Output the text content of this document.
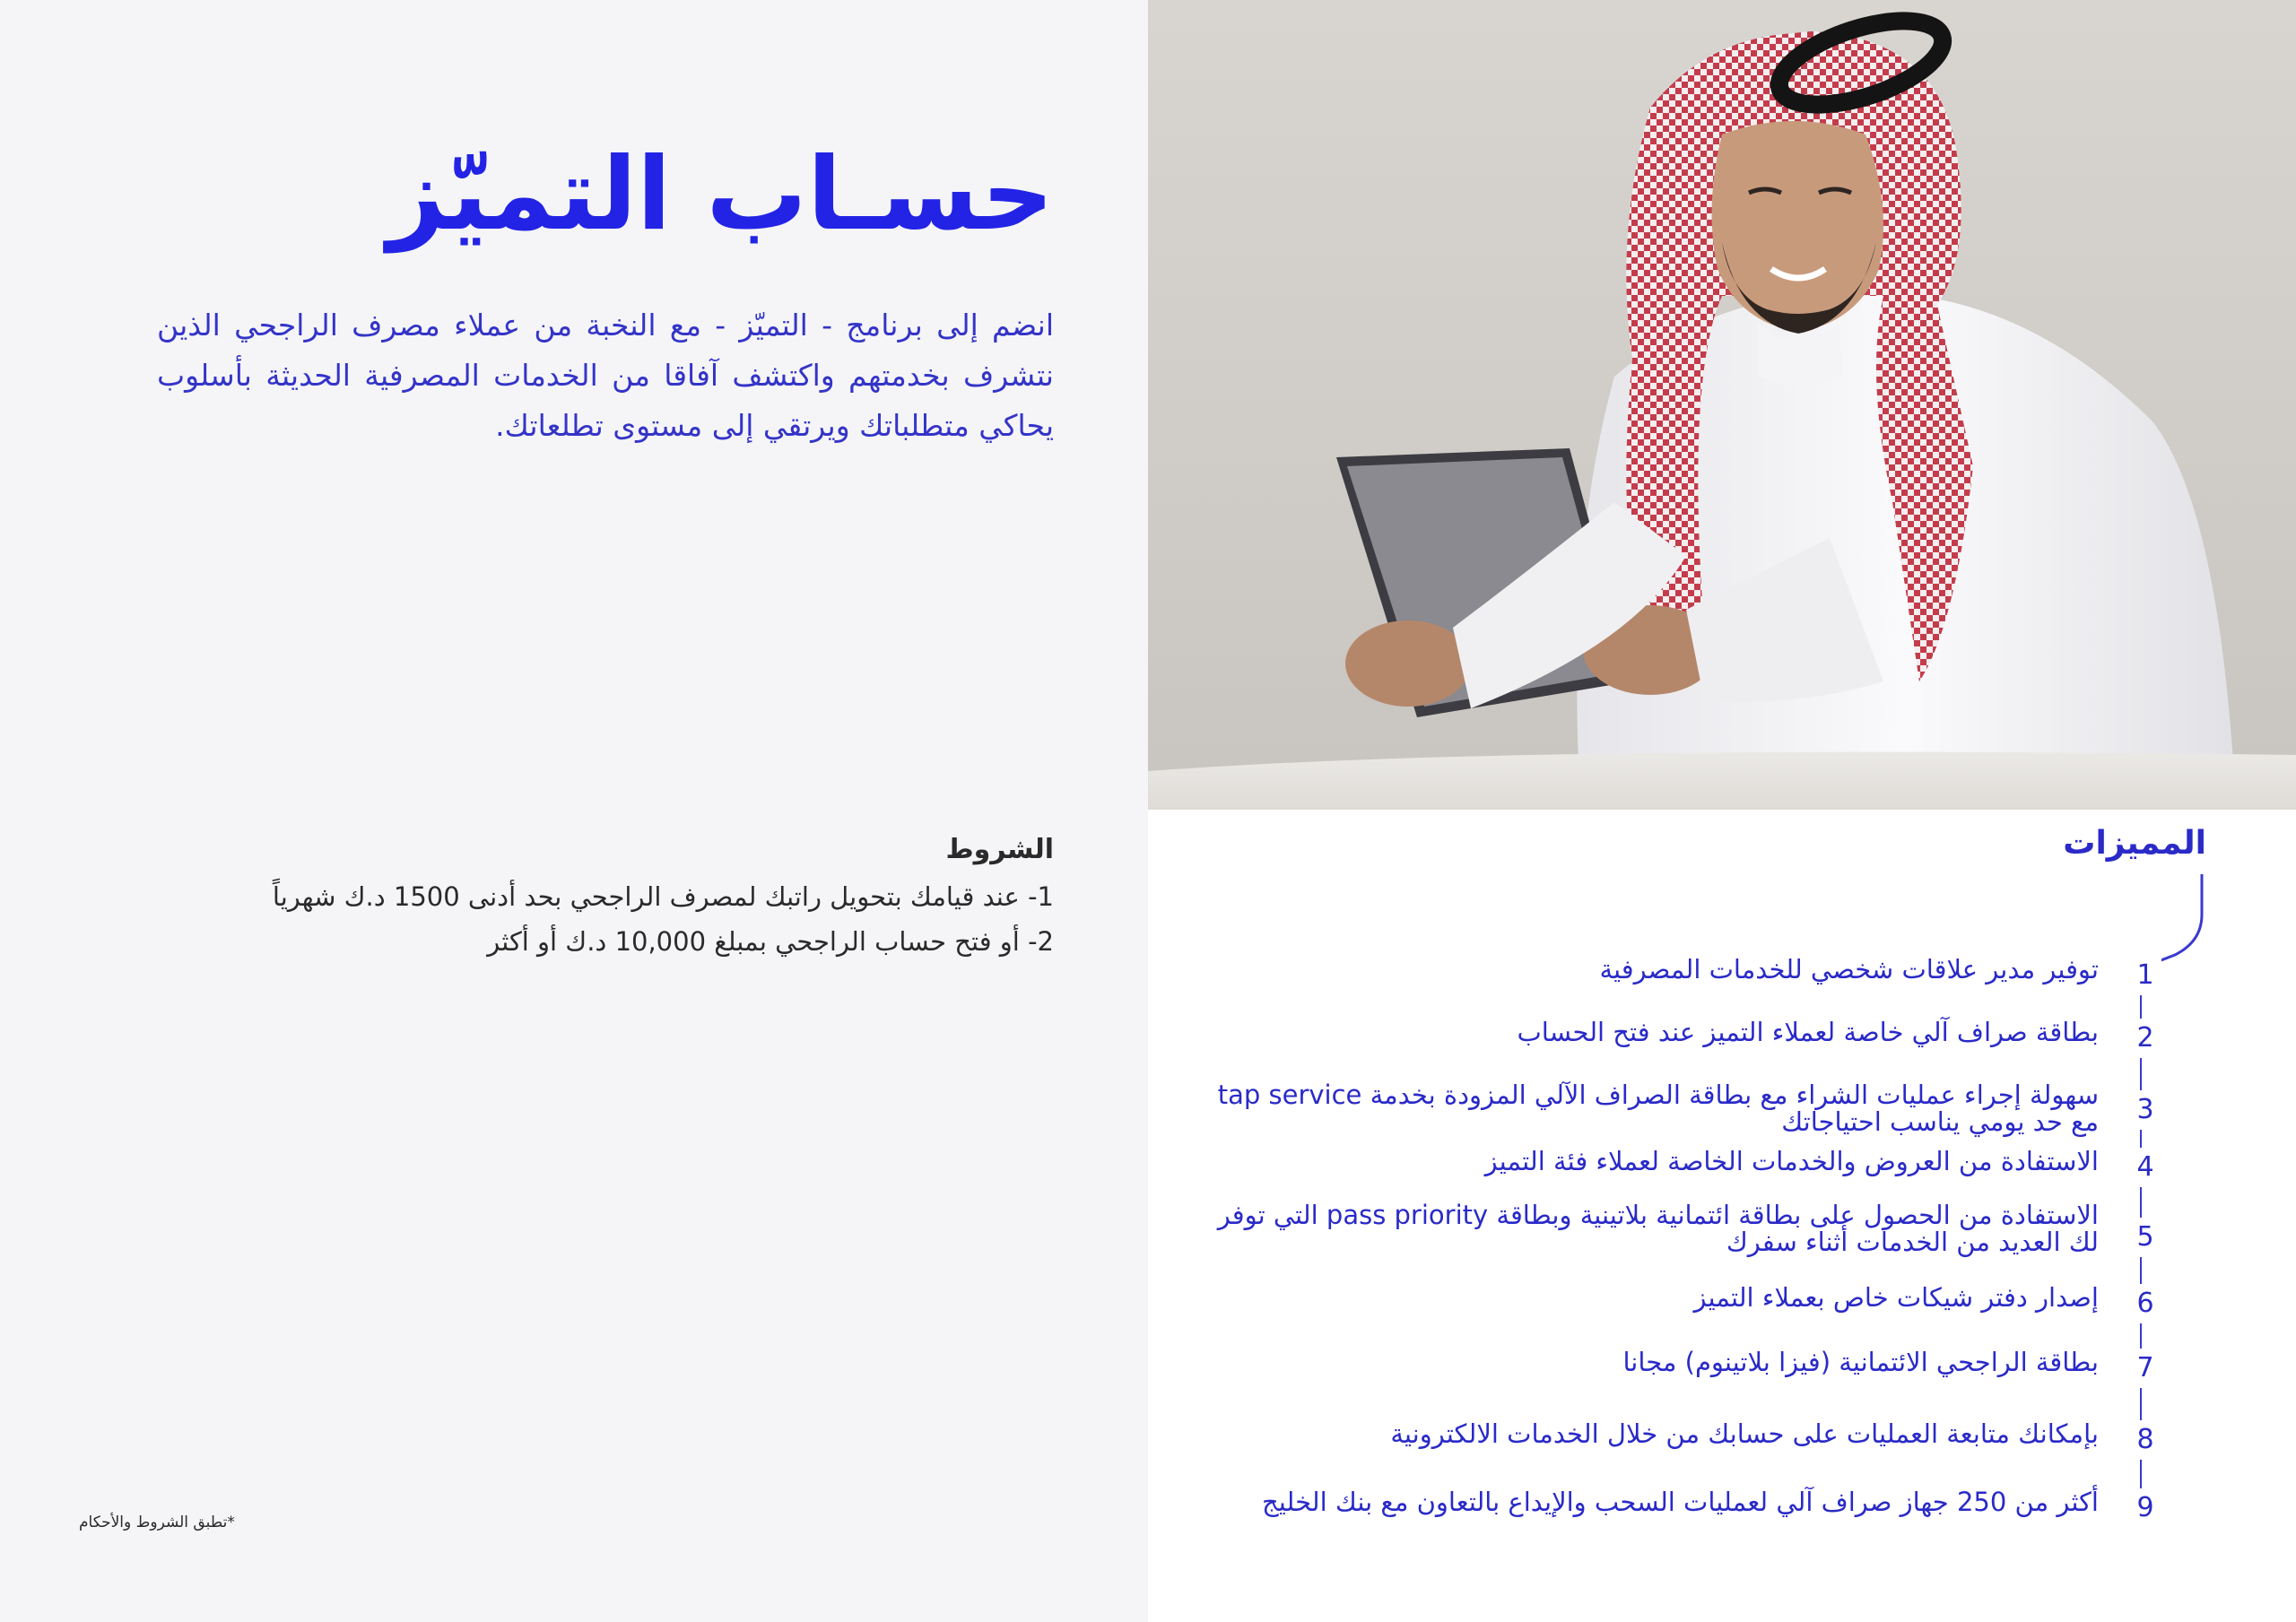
حسـاب التميّز

انضم إلى برنامج - التميّز - مع النخبة من عملاء مصرف الراجحي الذين نتشرف بخدمتهم واكتشف آفاقا من الخدمات المصرفية الحديثة بأسلوب يحاكي متطلباتك ويرتقي إلى مستوى تطلعاتك.

الشروط
1- عند قيامك بتحويل راتبك لمصرف الراجحي بحد أدنى 1500 د.ك شهرياً
2- أو فتح حساب الراجحي بمبلغ 10,000 د.ك أو أكثر

*تطبق الشروط والأحكام

المميزات
1

توفير مدير علاقات شخصي للخدمات المصرفية

2

بطاقة صراف آلي خاصة لعملاء التميز عند فتح الحساب

3

سهولة إجراء عمليات الشراء مع بطاقة الصراف الآلي المزودة بخدمة tap service مع حد يومي يناسب احتياجاتك

4

الاستفادة من العروض والخدمات الخاصة لعملاء فئة التميز

5

الاستفادة من الحصول على بطاقة ائتمانية بلاتينية وبطاقة pass priority التي توفر لك العديد من الخدمات أثناء سفرك

6

إصدار دفتر شيكات خاص بعملاء التميز

7

بطاقة الراجحي الائتمانية (فيزا بلاتينوم) مجانا

8

بإمكانك متابعة العمليات على حسابك من خلال الخدمات الالكترونية

9

أكثر من 250 جهاز صراف آلي لعمليات السحب والإيداع بالتعاون مع بنك الخليج
